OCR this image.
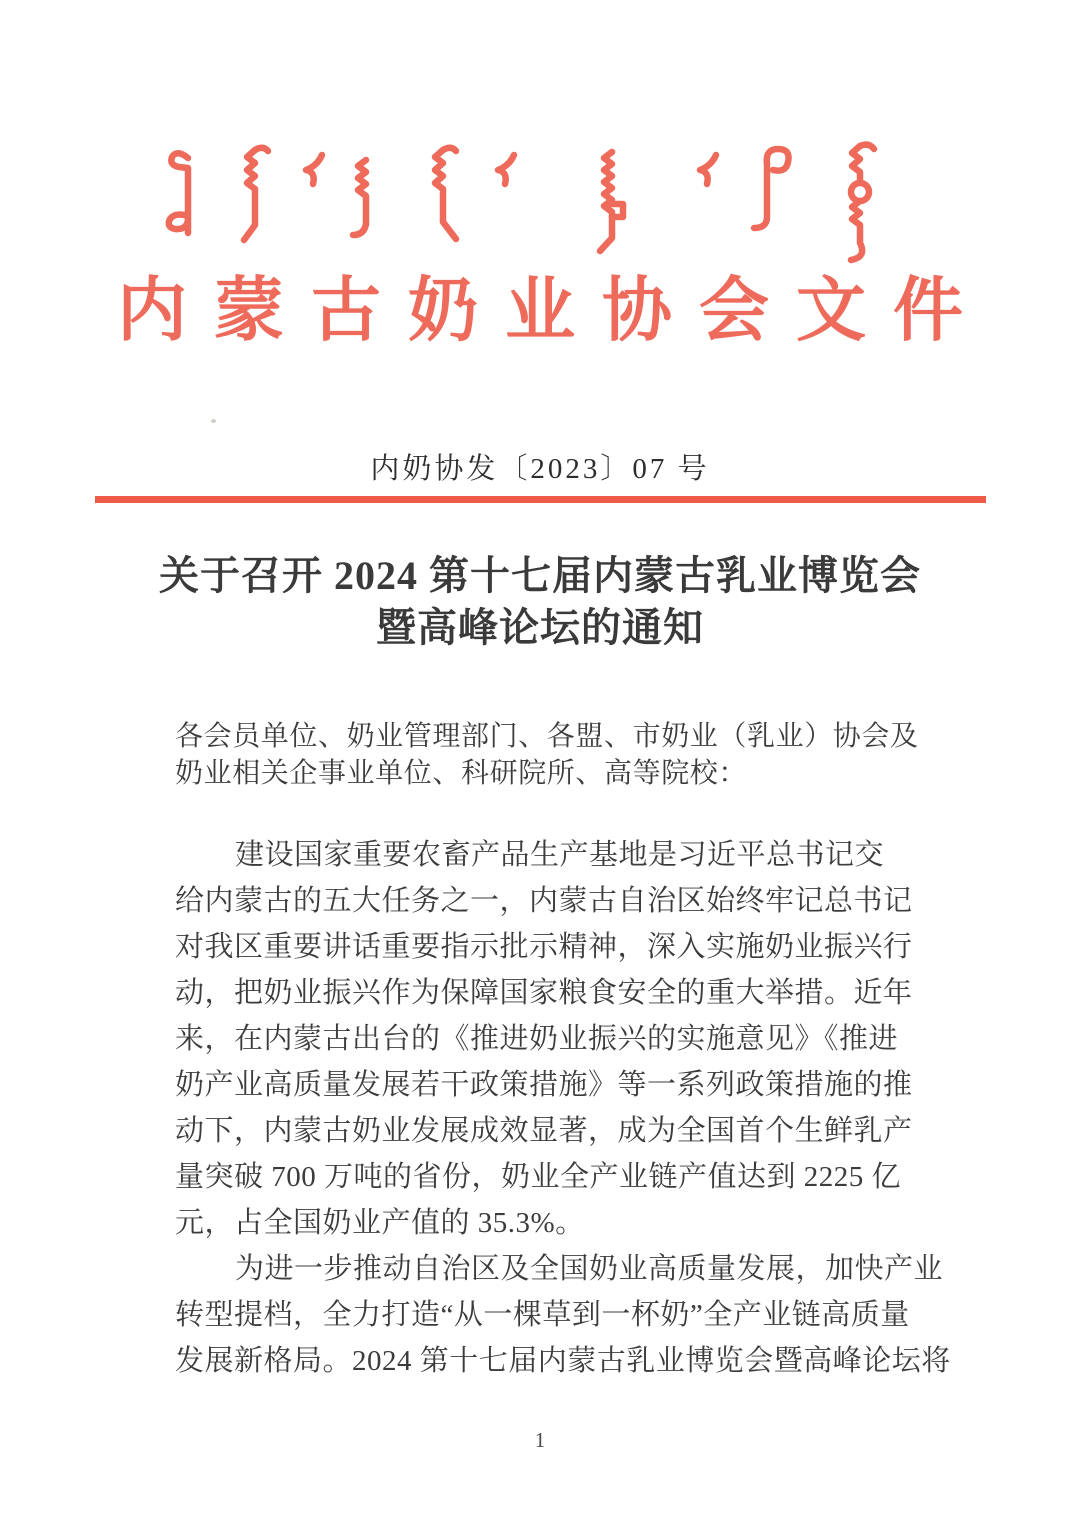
内蒙古奶业协会文件
内奶协发〔2023〕07 号
关于召开 2024 第十七届内蒙古乳业博览会
暨高峰论坛的通知
各会员单位、奶业管理部门、各盟、市奶业（乳业）协会及
奶业相关企事业单位、科研院所、高等院校：
建设国家重要农畜产品生产基地是习近平总书记交
给内蒙古的五大任务之一，内蒙古自治区始终牢记总书记
对我区重要讲话重要指示批示精神，深入实施奶业振兴行
动，把奶业振兴作为保障国家粮食安全的重大举措。近年
来，在内蒙古出台的《推进奶业振兴的实施意见》《推进
奶产业高质量发展若干政策措施》等一系列政策措施的推
动下，内蒙古奶业发展成效显著，成为全国首个生鲜乳产
量突破 700 万吨的省份，奶业全产业链产值达到 2225 亿
元，占全国奶业产值的 35.3%。
为进一步推动自治区及全国奶业高质量发展，加快产业
转型提档，全力打造“从一棵草到一杯奶”全产业链高质量
发展新格局。2024 第十七届内蒙古乳业博览会暨高峰论坛将
1
